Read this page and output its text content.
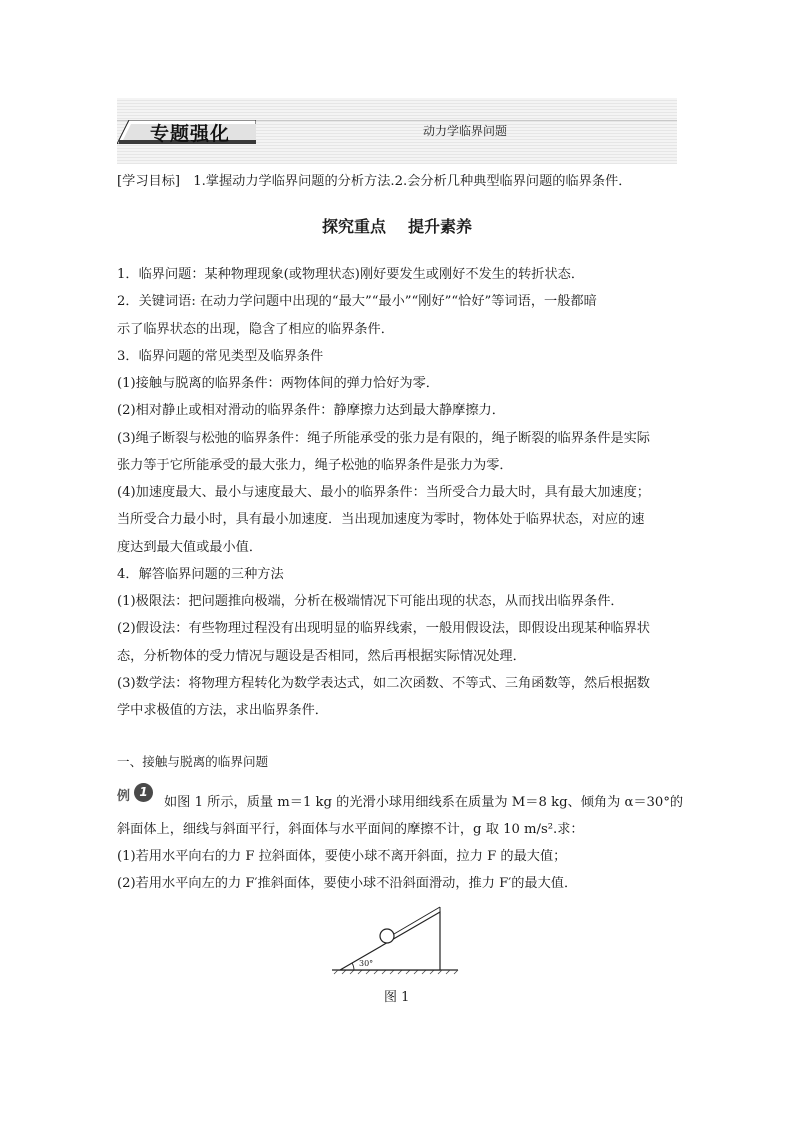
专题强化	动力学临界问题
[学习目标]　1.掌握动力学临界问题的分析方法.2.会分析几种典型临界问题的临界条件．
探究重点 提升素养
1．临界问题：某种物理现象(或物理状态)刚好要发生或刚好不发生的转折状态．
2．关键词语: 在动力学问题中出现的“最大”“最小”“刚好”“恰好”等词语，一般都暗
示了临界状态的出现，隐含了相应的临界条件．
3．临界问题的常见类型及临界条件
(1)接触与脱离的临界条件：两物体间的弹力恰好为零．
(2)相对静止或相对滑动的临界条件：静摩擦力达到最大静摩擦力．
(3)绳子断裂与松弛的临界条件：绳子所能承受的张力是有限的，绳子断裂的临界条件是实际
张力等于它所能承受的最大张力，绳子松弛的临界条件是张力为零．
(4)加速度最大、最小与速度最大、最小的临界条件：当所受合力最大时，具有最大加速度；
当所受合力最小时，具有最小加速度．当出现加速度为零时，物体处于临界状态，对应的速
度达到最大值或最小值．
4．解答临界问题的三种方法
(1)极限法：把问题推向极端，分析在极端情况下可能出现的状态，从而找出临界条件．
(2)假设法：有些物理过程没有出现明显的临界线索，一般用假设法，即假设出现某种临界状
态，分析物体的受力情况与题设是否相同，然后再根据实际情况处理．
(3)数学法：将物理方程转化为数学表达式，如二次函数、不等式、三角函数等，然后根据数
学中求极值的方法，求出临界条件．
一、接触与脱离的临界问题
例 1
如图 1 所示，质量 m＝1 kg 的光滑小球用细线系在质量为 M＝8 kg、倾角为 α＝30°的
斜面体上，细线与斜面平行，斜面体与水平面间的摩擦不计，g 取 10 m/s².求：
(1)若用水平向右的力 F 拉斜面体，要使小球不离开斜面，拉力 F 的最大值；
(2)若用水平向左的力 F′推斜面体，要使小球不沿斜面滑动，推力 F′的最大值．
30°
图 1
